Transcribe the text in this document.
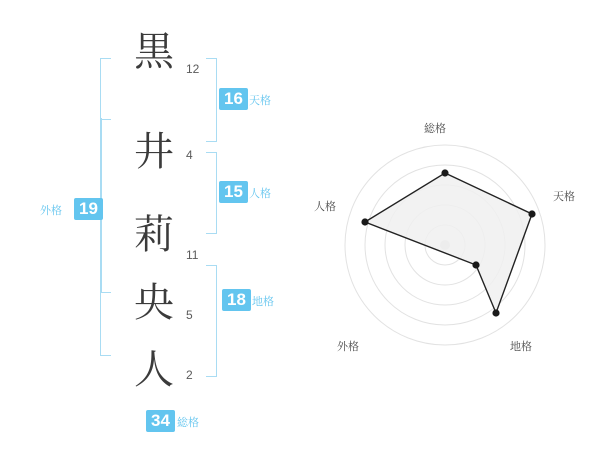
黒
井
莉
央
人
12
4
11
5
2
16 天格
15 人格
18 地格
外格 19
34 総格
総格
天格
地格
外格
人格
